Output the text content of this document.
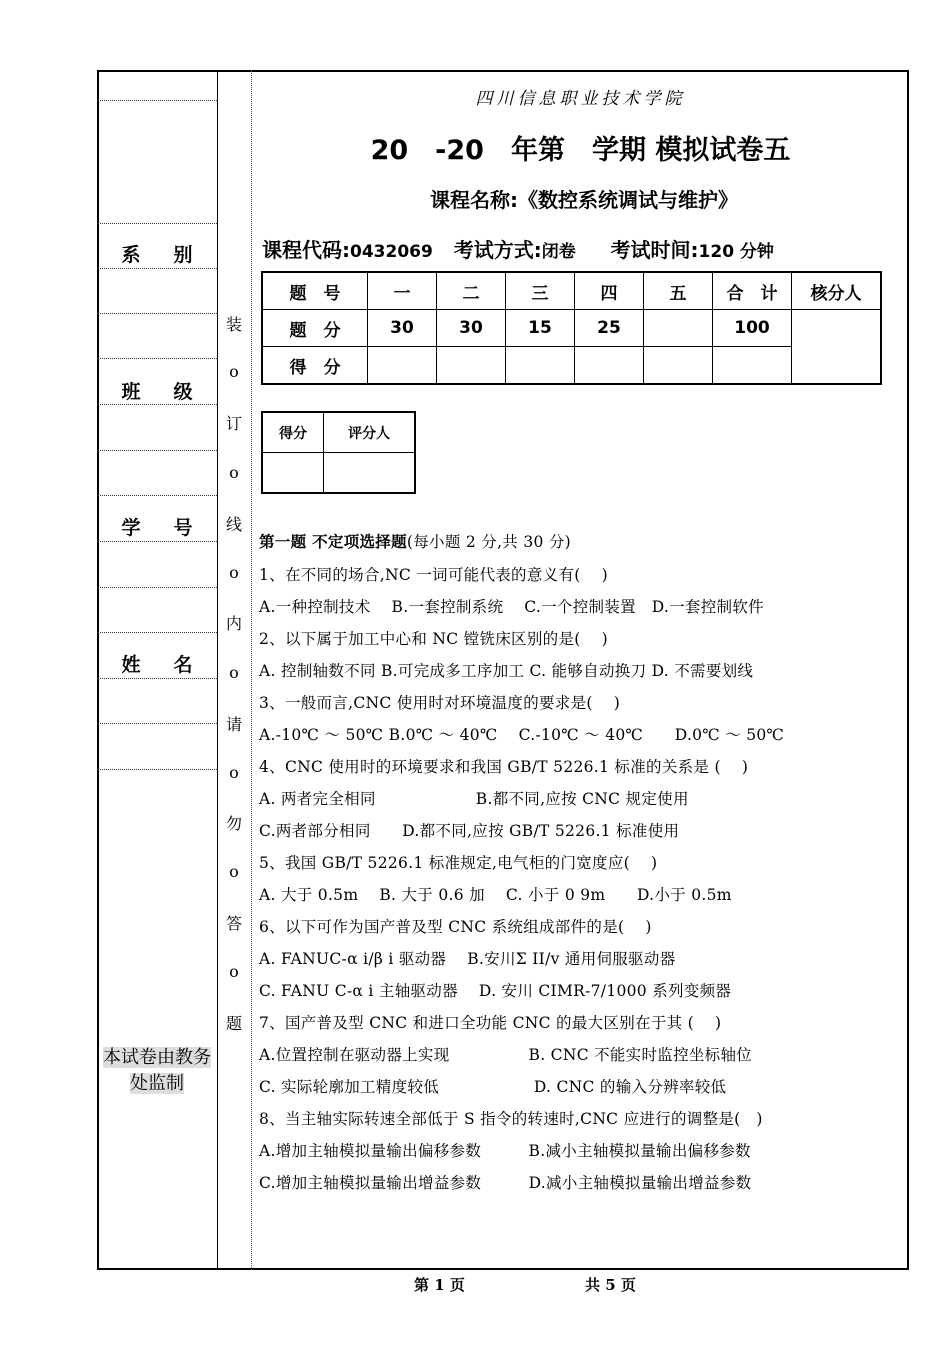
系 别
班 级
学 号
姓 名
本试卷由教务处监制
装
o
订
o
线
o
内
o
请
o
勿
o
答
o
题
四川信息职业技术学院
20　-20　年第　学期 模拟试卷五
课程名称:《数控系统调试与维护》
课程代码:0432069 考试方式:闭卷 考试时间:120 分钟
题　号	一	二	三	四	五	合　计	核分人
题　分	30	30	15	25		100	
得　分							
得分	评分人

第一题 不定项选择题(每小题 2 分,共 30 分)
1、在不同的场合,NC 一词可能代表的意义有(　 )
A.一种控制技术　 B.一套控制系统　 C.一个控制装置　D.一套控制软件
2、以下属于加工中心和 NC 镗铣床区别的是(　 )
A. 控制轴数不同 B.可完成多工序加工 C. 能够自动换刀 D. 不需要划线
3、一般而言,CNC 使用时对环境温度的要求是(　 )
A.-10℃ ～ 50℃ B.0℃ ～ 40℃　 C.-10℃ ～ 40℃　　D.0℃ ～ 50℃
4、CNC 使用时的环境要求和我国 GB/T 5226.1 标准的关系是 (　 )
A. 两者完全相同　　　　　　 B.都不同,应按 CNC 规定使用
C.两者部分相同　　D.都不同,应按 GB/T 5226.1 标准使用
5、我国 GB/T 5226.1 标准规定,电气柜的门宽度应(　 )
A. 大于 0.5m　 B. 大于 0.6 加　 C. 小于 0 9m　　D.小于 0.5m
6、以下可作为国产普及型 CNC 系统组成部件的是(　 )
A. FANUC-α i/β i 驱动器　 B.安川Σ II/v 通用伺服驱动器
C. FANU C-α i 主轴驱动器　 D. 安川 CIMR-7/1000 系列变频器
7、国产普及型 CNC 和进口全功能 CNC 的最大区别在于其 (　 )
A.位置控制在驱动器上实现　　　　　B. CNC 不能实时监控坐标轴位
C. 实际轮廓加工精度较低　　　　　　D. CNC 的输入分辨率较低
8、当主轴实际转速全部低于 S 指令的转速时,CNC 应进行的调整是(　)
A.增加主轴模拟量输出偏移参数　　　B.减小主轴模拟量输出偏移参数
C.增加主轴模拟量输出增益参数　　　D.减小主轴模拟量输出增益参数
第 1 页	共 5 页
